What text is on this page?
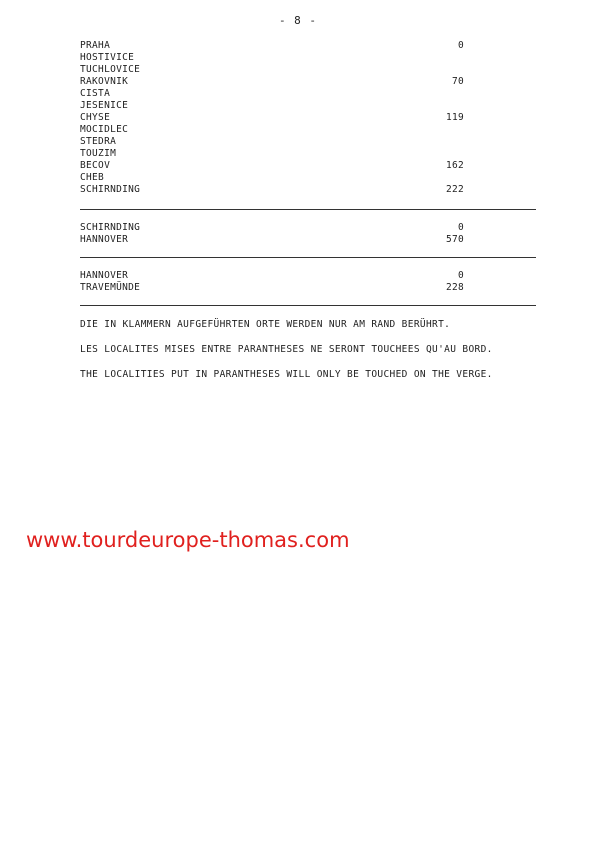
- 8 -
PRAHA	0
HOSTIVICE
TUCHLOVICE
RAKOVNIK	70
CISTA
JESENICE
CHYSE	119
MOCIDLEC
STEDRA
TOUZIM
BECOV	162
CHEB
SCHIRNDING	222
SCHIRNDING	0
HANNOVER	570
HANNOVER	0
TRAVEMÜNDE	228
DIE IN KLAMMERN AUFGEFÜHRTEN ORTE WERDEN NUR AM RAND BERÜHRT.
LES LOCALITES MISES ENTRE PARANTHESES NE SERONT TOUCHEES QU'AU BORD.
THE LOCALITIES PUT IN PARANTHESES WILL ONLY BE TOUCHED ON THE VERGE.
www.tourdeurope-thomas.com
